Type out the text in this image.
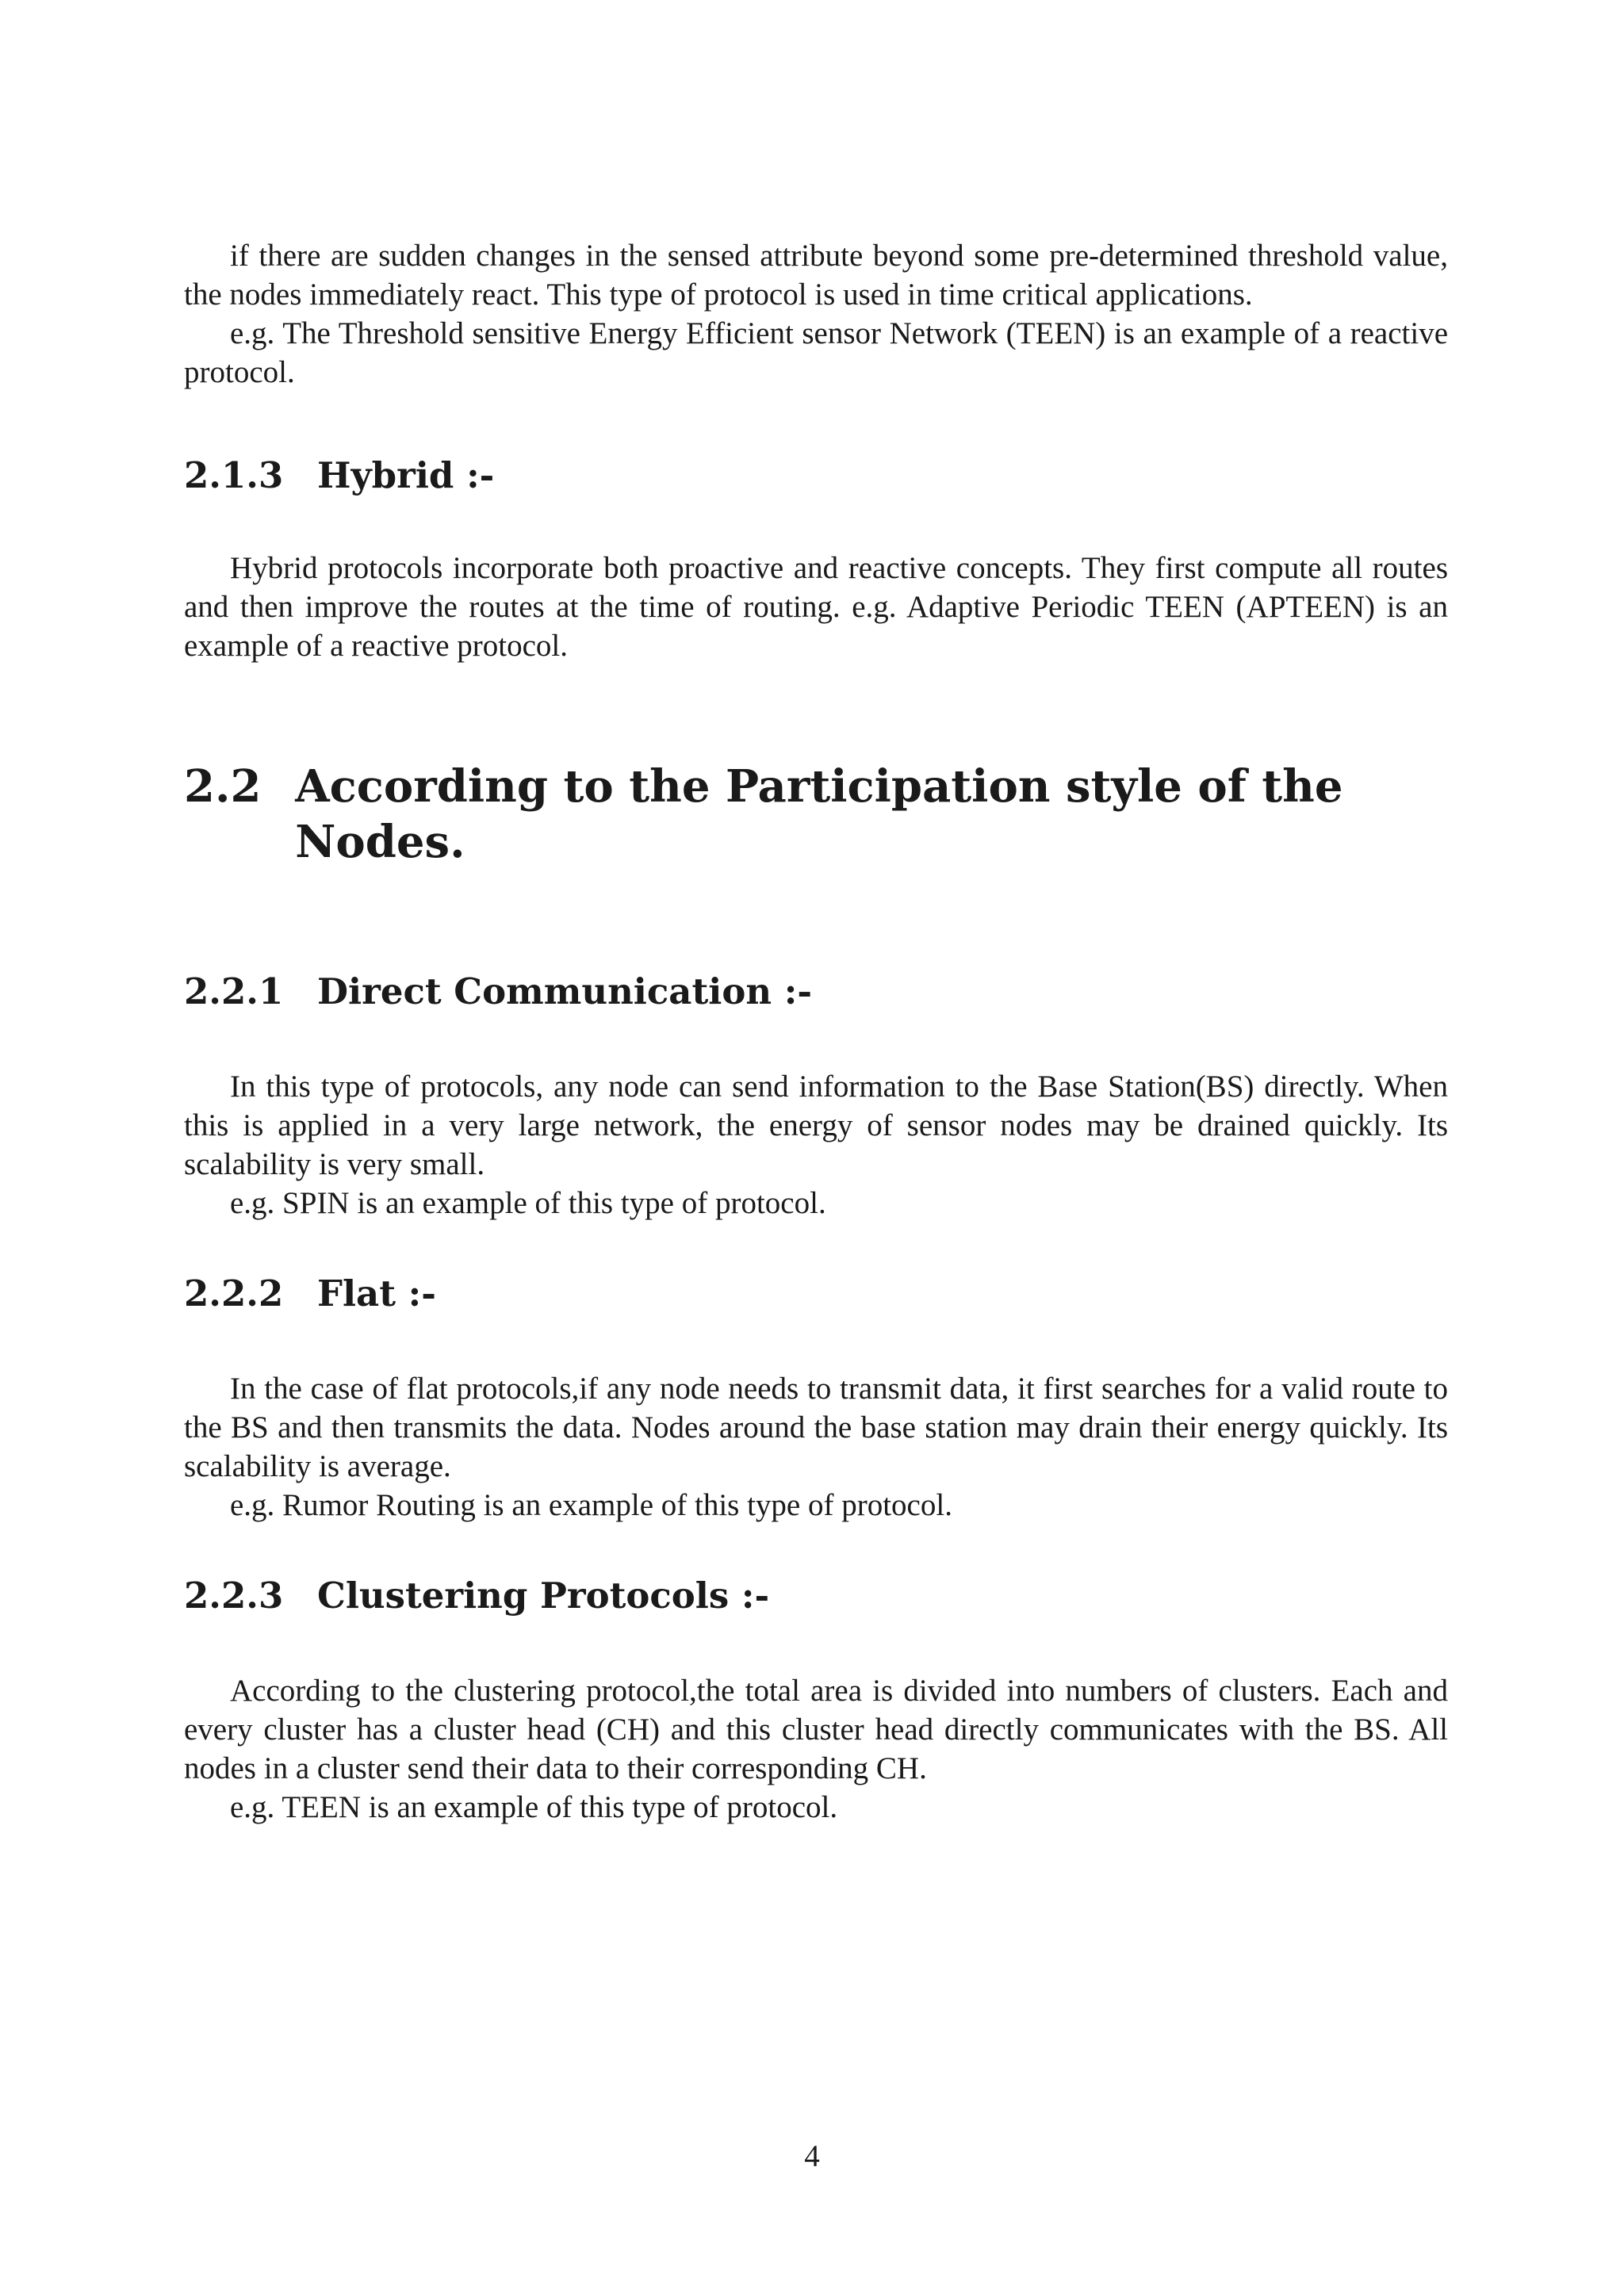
if there are sudden changes in the sensed attribute beyond some pre-determined threshold value, the nodes immediately react. This type of protocol is used in time critical applications.

e.g. The Threshold sensitive Energy Efficient sensor Network (TEEN) is an example of a reactive protocol.

2.1.3 Hybrid :-

Hybrid protocols incorporate both proactive and reactive concepts. They first compute all routes and then improve the routes at the time of routing. e.g. Adaptive Periodic TEEN (APTEEN) is an example of a reactive protocol.

2.2 According to the Participation style of the Nodes.
2.2.1 Direct Communication :-

In this type of protocols, any node can send information to the Base Station(BS) directly. When this is applied in a very large network, the energy of sensor nodes may be drained quickly. Its scalability is very small.

e.g. SPIN is an example of this type of protocol.

2.2.2 Flat :-

In the case of flat protocols,if any node needs to transmit data, it first searches for a valid route to the BS and then transmits the data. Nodes around the base station may drain their energy quickly. Its scalability is average.

e.g. Rumor Routing is an example of this type of protocol.

2.2.3 Clustering Protocols :-

According to the clustering protocol,the total area is divided into numbers of clusters. Each and every cluster has a cluster head (CH) and this cluster head directly communicates with the BS. All nodes in a cluster send their data to their corresponding CH.

e.g. TEEN is an example of this type of protocol.

4
